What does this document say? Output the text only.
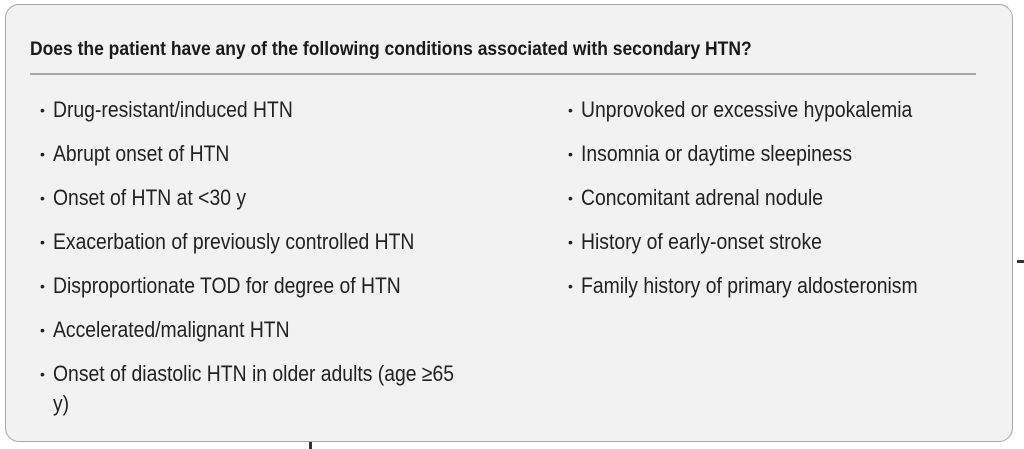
Does the patient have any of the following conditions associated with secondary HTN?
• Drug-resistant/induced HTN
• Abrupt onset of HTN
• Onset of HTN at <30 y
• Exacerbation of previously controlled HTN
• Disproportionate TOD for degree of HTN
• Accelerated/malignant HTN
• Onset of diastolic HTN in older adults (age ≥65 y)
• Unprovoked or excessive hypokalemia
• Insomnia or daytime sleepiness
• Concomitant adrenal nodule
• History of early-onset stroke
• Family history of primary aldosteronism
